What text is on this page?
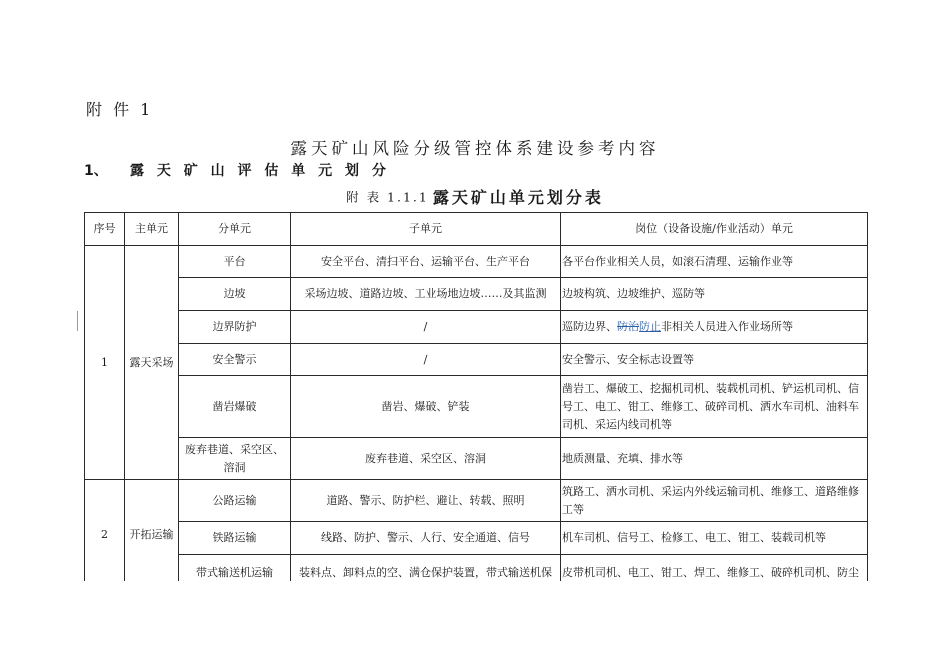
附 件 1
露天矿山风险分级管控体系建设参考内容
1、 露 天 矿 山 评 估 单 元 划 分
附 表 1.1.1 露天矿山单元划分表
序号	主单元	分单元	子单元	岗位（设备设施/作业活动）单元
1	露天采场	平台	安全平台、清扫平台、运输平台、生产平台	各平台作业相关人员，如滚石清理、运输作业等
		边坡	采场边坡、道路边坡、工业场地边坡……及其监测	边坡构筑、边坡维护、巡防等
		边界防护	/	巡防边界、防治防止非相关人员进入作业场所等
		安全警示	/	安全警示、安全标志设置等
		凿岩爆破	凿岩、爆破、铲装	凿岩工、爆破工、挖掘机司机、装载机司机、铲运机司机、信号工、电工、钳工、维修工、破碎司机、洒水车司机、油料车司机、采运内线司机等
		废弃巷道、采空区、溶洞	废弃巷道、采空区、溶洞	地质测量、充填、排水等
2	开拓运输	公路运输	道路、警示、防护栏、避让、转载、照明	筑路工、洒水司机、采运内外线运输司机、维修工、道路维修工等
		铁路运输	线路、防护、警示、人行、安全通道、信号	机车司机、信号工、检修工、电工、钳工、装载司机等
		带式输送机运输	装料点、卸料点的空、满仓保护装置，带式输送机保	皮带机司机、电工、钳工、焊工、维修工、破碎机司机、防尘
